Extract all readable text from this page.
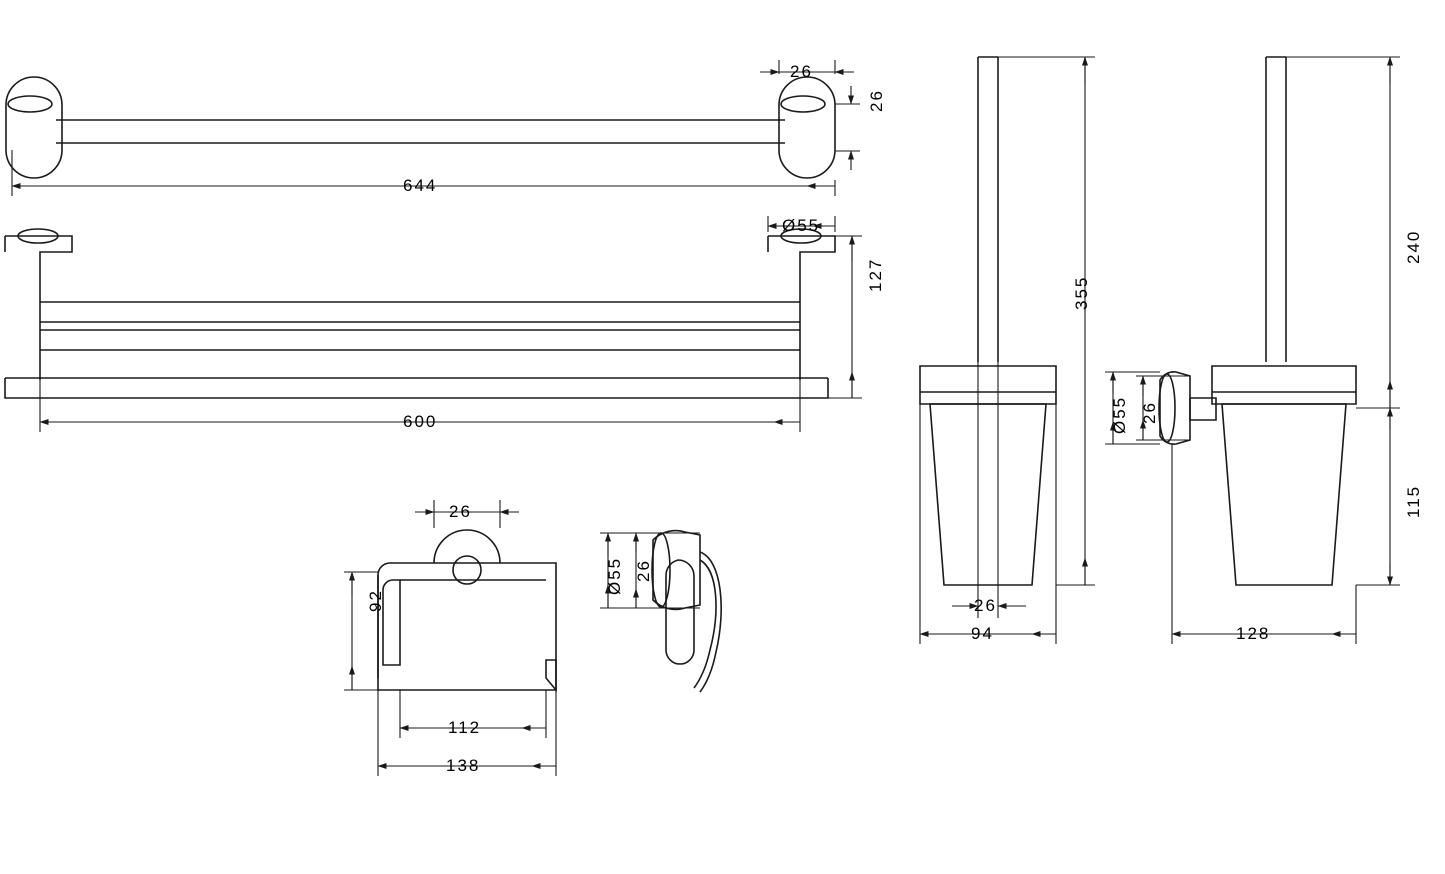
26
26
644
Ø55
127
600
26
92
112
138
Ø55 26
355
26
94
Ø55 26
240
115
128
